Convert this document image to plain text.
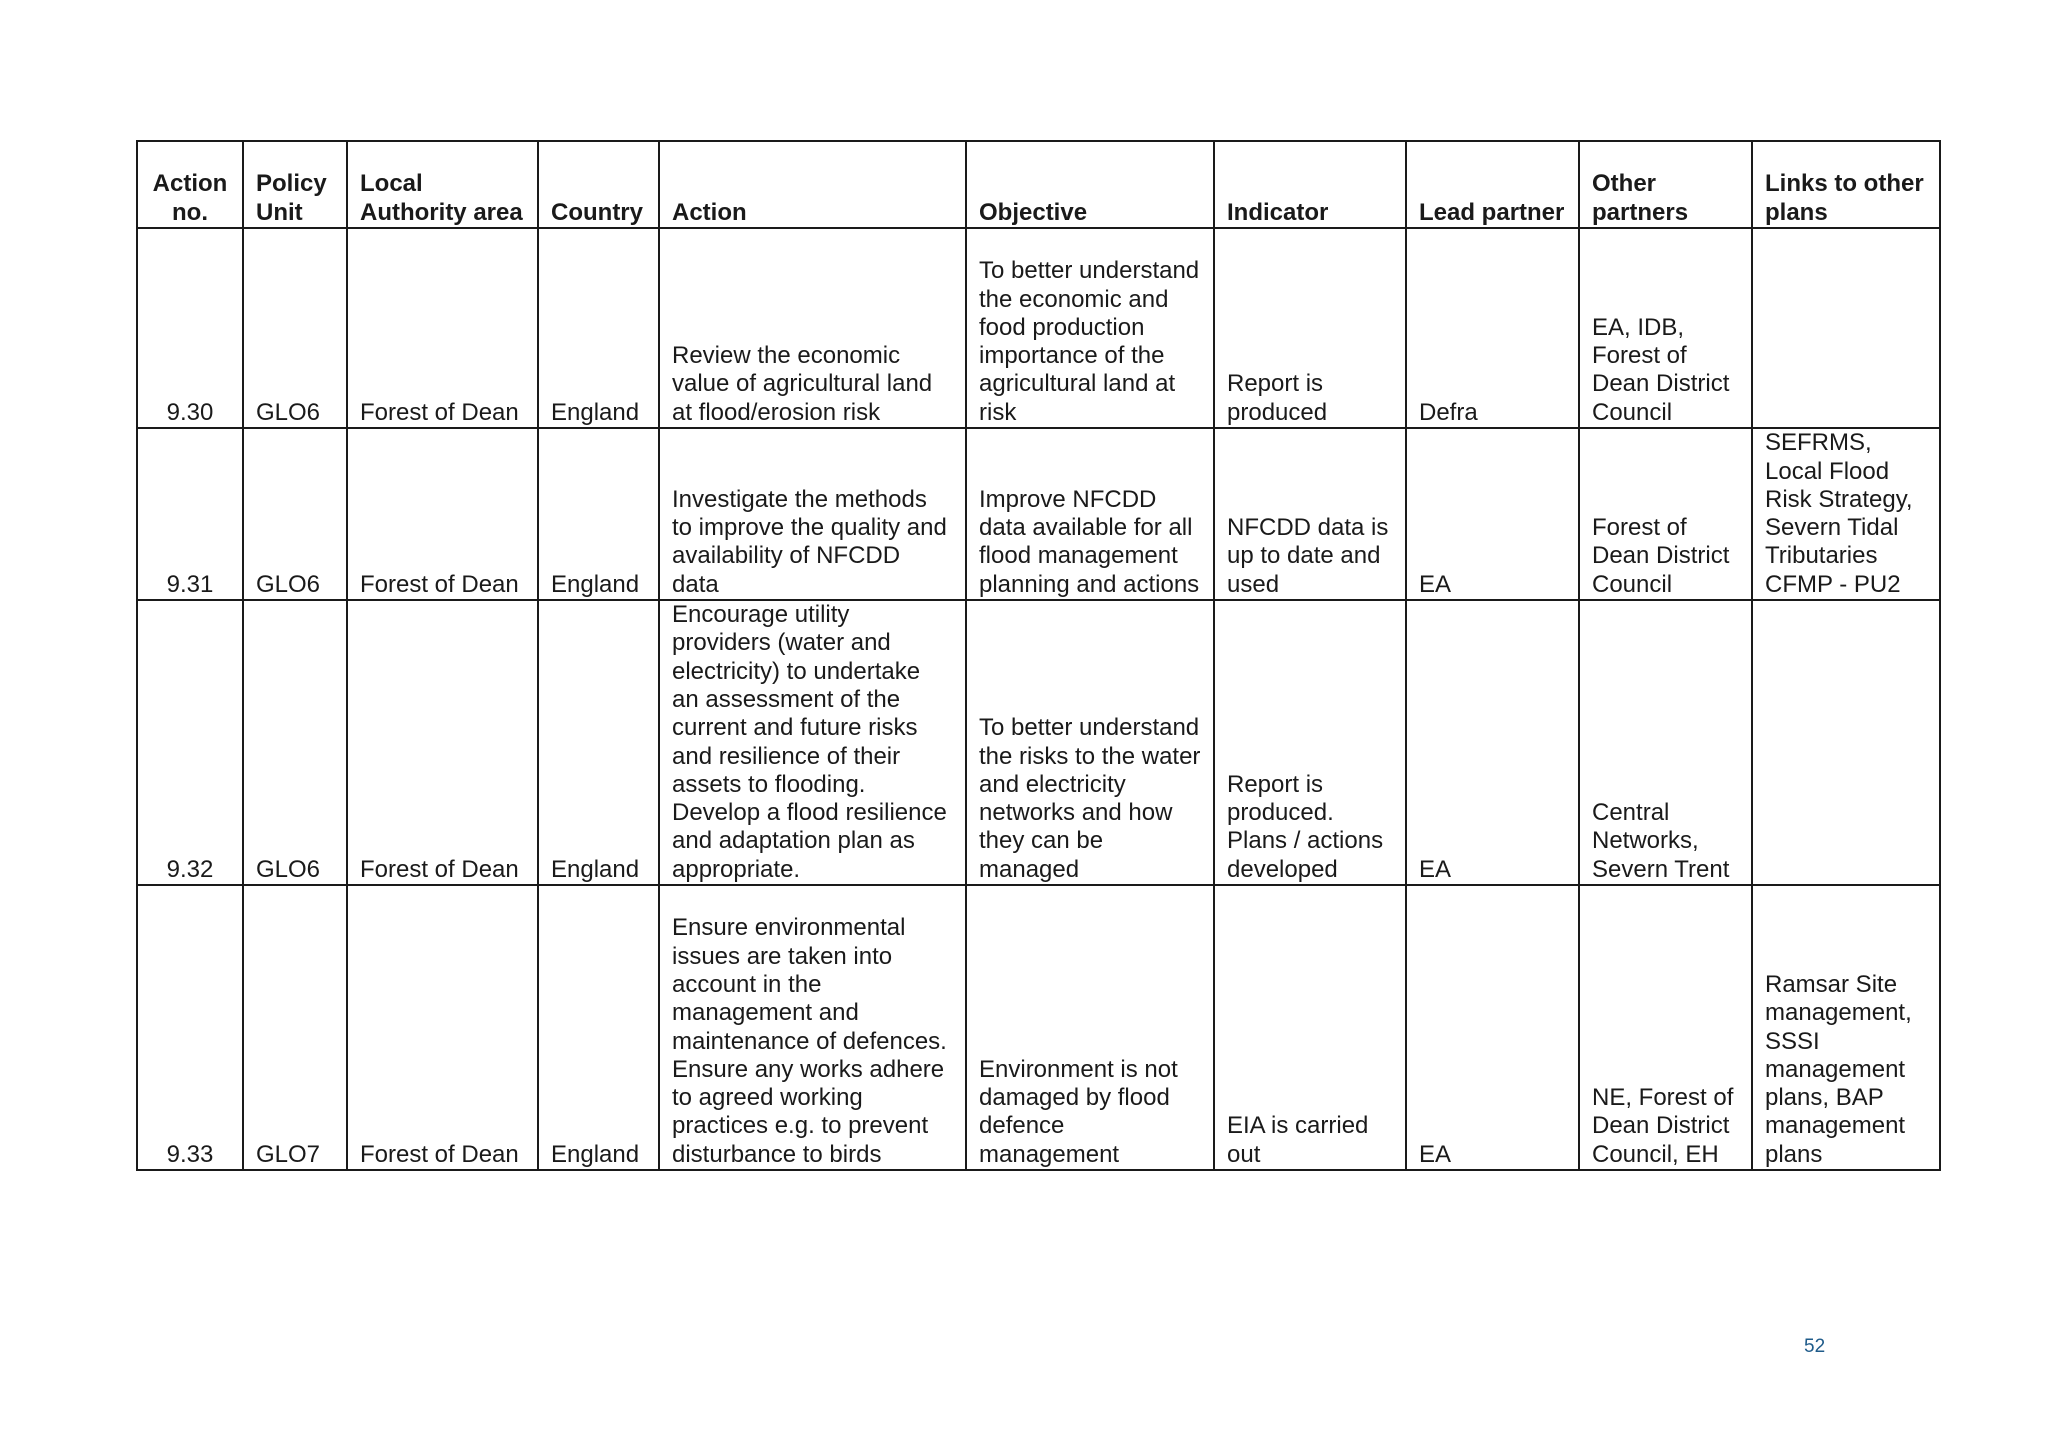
Action no.	Policy Unit	Local Authority area	Country	Action	Objective	Indicator	Lead partner	Other partners	Links to other plans
9.30	GLO6	Forest of Dean	England	Review the economic value of agricultural land at flood/erosion risk	To better understand the economic and food production importance of the agricultural land at risk	Report is produced	Defra	EA, IDB, Forest of Dean District Council	
9.31	GLO6	Forest of Dean	England	Investigate the methods to improve the quality and availability of NFCDD data	Improve NFCDD data available for all flood management planning and actions	NFCDD data is up to date and used	EA	Forest of Dean District Council	SEFRMS, Local Flood Risk Strategy, Severn Tidal Tributaries CFMP - PU2
9.32	GLO6	Forest of Dean	England	Encourage utility providers (water and electricity) to undertake an assessment of the current and future risks and resilience of their assets to flooding. Develop a flood resilience and adaptation plan as appropriate.	To better understand the risks to the water and electricity networks and how they can be managed	Report is produced. Plans / actions developed	EA	Central Networks, Severn Trent	
9.33	GLO7	Forest of Dean	England	Ensure environmental issues are taken into account in the management and maintenance of defences. Ensure any works adhere to agreed working practices e.g. to prevent disturbance to birds	Environment is not damaged by flood defence management	EIA is carried out	EA	NE, Forest of Dean District Council, EH	Ramsar Site management, SSSI management plans, BAP management plans
52
